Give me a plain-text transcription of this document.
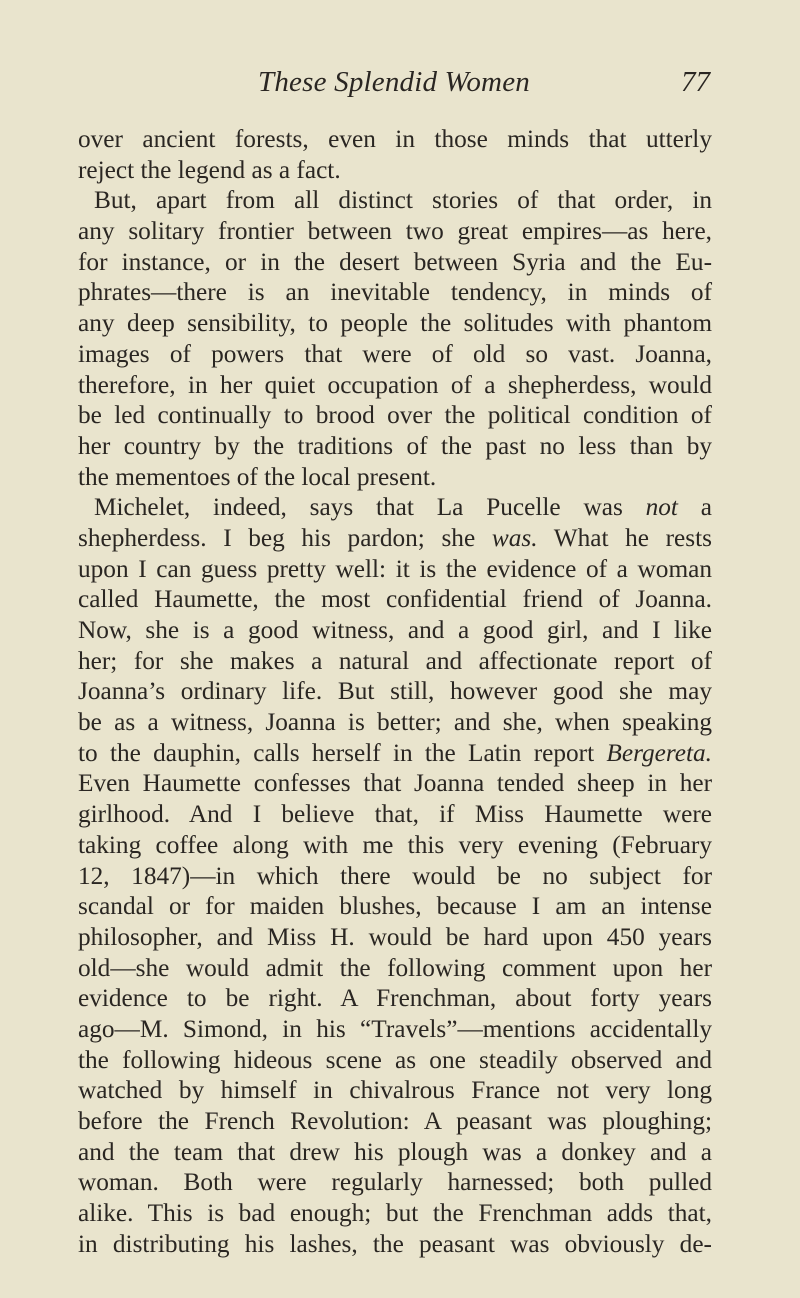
These Splendid Women	77
over ancient forests, even in those minds that utterly
reject the legend as a fact.
But, apart from all distinct stories of that order, in
any solitary frontier between two great empires—as here,
for instance, or in the desert between Syria and the Eu-
phrates—there is an inevitable tendency, in minds of
any deep sensibility, to people the solitudes with phantom
images of powers that were of old so vast. Joanna,
therefore, in her quiet occupation of a shepherdess, would
be led continually to brood over the political condition of
her country by the traditions of the past no less than by
the mementoes of the local present.
Michelet, indeed, says that La Pucelle was not a
shepherdess. I beg his pardon; she was. What he rests
upon I can guess pretty well: it is the evidence of a woman
called Haumette, the most confidential friend of Joanna.
Now, she is a good witness, and a good girl, and I like
her; for she makes a natural and affectionate report of
Joanna’s ordinary life. But still, however good she may
be as a witness, Joanna is better; and she, when speaking
to the dauphin, calls herself in the Latin report Bergereta.
Even Haumette confesses that Joanna tended sheep in her
girlhood. And I believe that, if Miss Haumette were
taking coffee along with me this very evening (February
12, 1847)—in which there would be no subject for
scandal or for maiden blushes, because I am an intense
philosopher, and Miss H. would be hard upon 450 years
old—she would admit the following comment upon her
evidence to be right. A Frenchman, about forty years
ago—M. Simond, in his “Travels”—mentions accidentally
the following hideous scene as one steadily observed and
watched by himself in chivalrous France not very long
before the French Revolution: A peasant was ploughing;
and the team that drew his plough was a donkey and a
woman. Both were regularly harnessed; both pulled
alike. This is bad enough; but the Frenchman adds that,
in distributing his lashes, the peasant was obviously de-
